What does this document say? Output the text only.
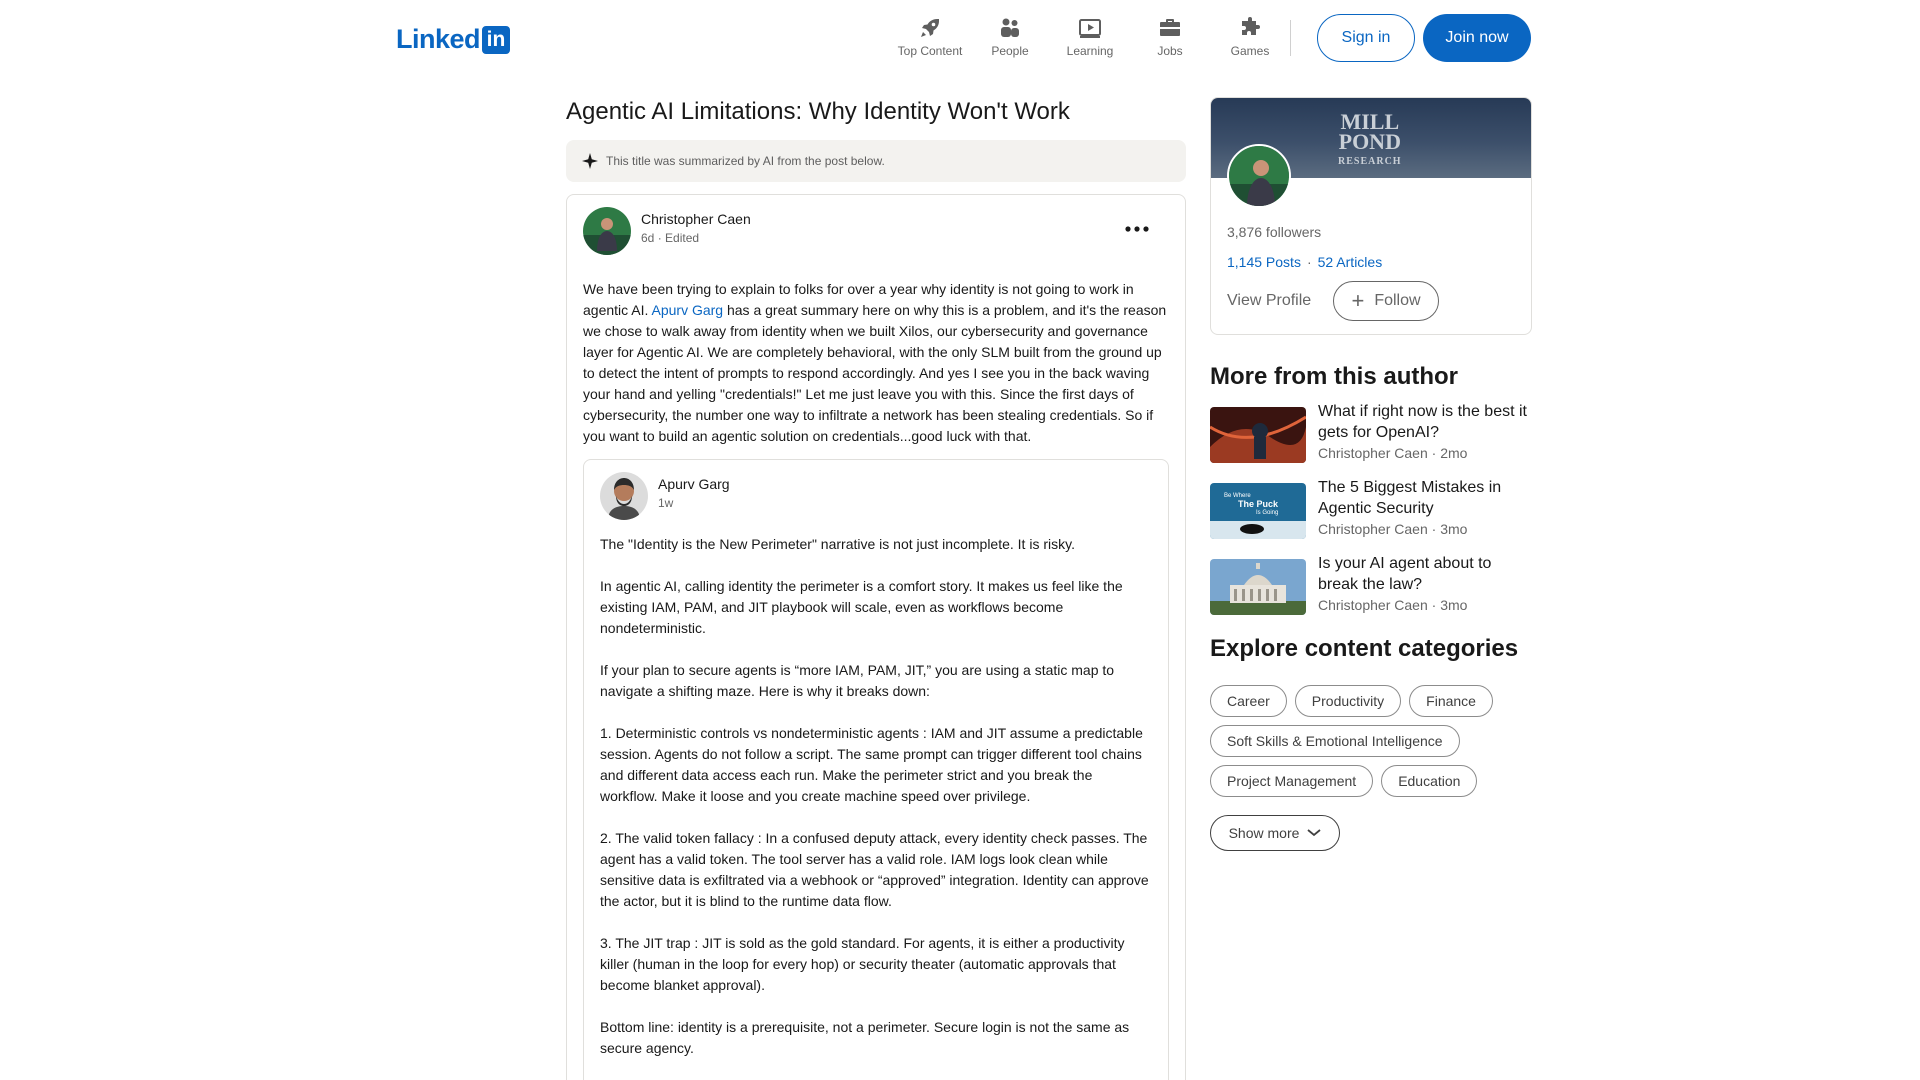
Linked in
Top Content People	Learning	Jobs	Games
Sign in	Join now
Agentic AI Limitations: Why Identity Won't Work
This title was summarized by AI from the post below.
Christopher Caen
6d · Edited
We have been trying to explain to folks for over a year why identity is not going to work in agentic AI. Apurv Garg has a great summary here on why this is a problem, and it's the reason we chose to walk away from identity when we built Xilos, our cybersecurity and governance layer for Agentic AI. We are completely behavioral, with the only SLM built from the ground up to detect the intent of prompts to respond accordingly. And yes I see you in the back waving your hand and yelling "credentials!" Let me just leave you with this. Since the first days of cybersecurity, the number one way to infiltrate a network has been stealing credentials. So if you want to build an agentic solution on credentials...good luck with that.
Apurv Garg
1w

The "Identity is the New Perimeter" narrative is not just incomplete. It is risky.

In agentic AI, calling identity the perimeter is a comfort story. It makes us feel like the existing IAM, PAM, and JIT playbook will scale, even as workflows become nondeterministic.

If your plan to secure agents is “more IAM, PAM, JIT,” you are using a static map to navigate a shifting maze. Here is why it breaks down:

1. Deterministic controls vs nondeterministic agents : IAM and JIT assume a predictable session. Agents do not follow a script. The same prompt can trigger different tool chains and different data access each run. Make the perimeter strict and you break the workflow. Make it loose and you create machine speed over privilege.

2. The valid token fallacy : In a confused deputy attack, every identity check passes. The agent has a valid token. The tool server has a valid role. IAM logs look clean while sensitive data is exfiltrated via a webhook or “approved” integration. Identity can approve the actor, but it is blind to the runtime data flow.

3. The JIT trap : JIT is sold as the gold standard. For agents, it is either a productivity killer (human in the loop for every hop) or security theater (automatic approvals that become blanket approval).

Bottom line: identity is a prerequisite, not a perimeter. Secure login is not the same as secure agency.

MILL
POND
RESEARCH
3,876 followers
1,145 Posts · 52 Articles
View Profile + Follow
More from this author
What if right now is the best it gets for OpenAI?
Christopher Caen · 2mo
Be Where
The Puck
Is Going
The 5 Biggest Mistakes in Agentic Security
Christopher Caen · 3mo
Is your AI agent about to break the law?
Christopher Caen · 3mo
Explore content categories
Career	Productivity	Finance
Soft Skills & Emotional Intelligence
Project Management	Education
Show more
